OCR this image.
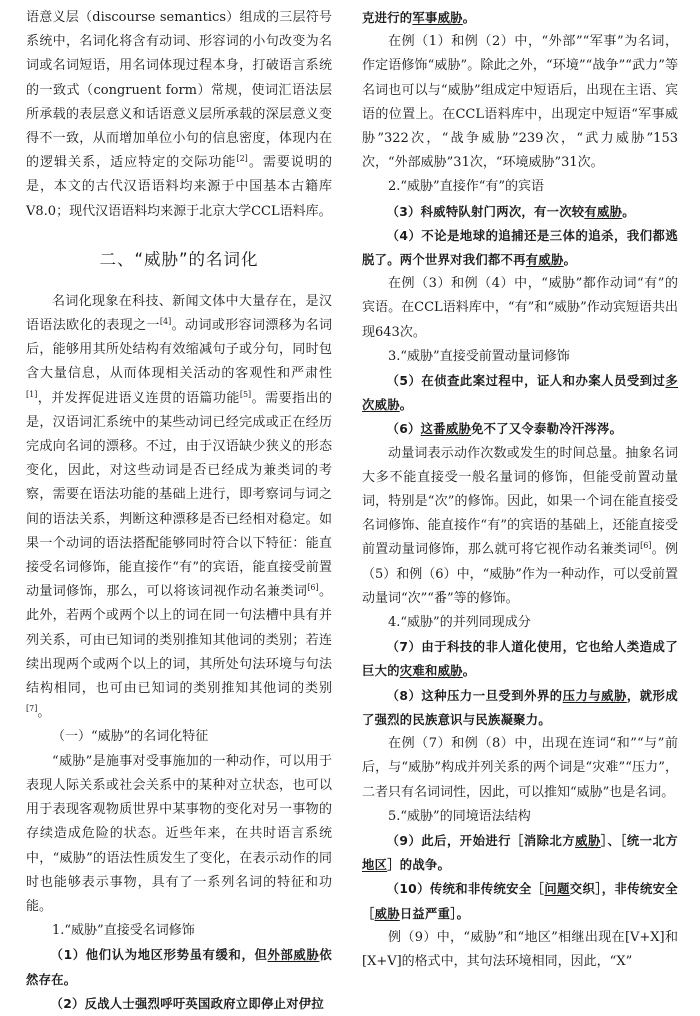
语意义层（discourse semantics）组成的三层符号系统中，名词化将含有动词、形容词的小句改变为名词或名词短语，用名词体现过程本身，打破语言系统的一致式（congruent form）常规，使词汇语法层所承载的表层意义和话语意义层所承载的深层意义变得不一致，从而增加单位小句的信息密度，体现内在的逻辑关系，适应特定的交际功能[2]。需要说明的是，本文的古代汉语语料均来源于中国基本古籍库V8.0；现代汉语语料均来源于北京大学CCL语料库。

二、“威胁”的名词化

名词化现象在科技、新闻文体中大量存在，是汉语语法欧化的表现之一[4]。动词或形容词漂移为名词后，能够用其所处结构有效缩减句子或分句，同时包含大量信息，从而体现相关活动的客观性和严肃性[1]，并发挥促进语义连贯的语篇功能[5]。需要指出的是，汉语词汇系统中的某些动词已经完成或正在经历完成向名词的漂移。不过，由于汉语缺少狭义的形态变化，因此，对这些动词是否已经成为兼类词的考察，需要在语法功能的基础上进行，即考察词与词之间的语法关系，判断这种漂移是否已经相对稳定。如果一个动词的语法搭配能够同时符合以下特征：能直接受名词修饰，能直接作“有”的宾语，能直接受前置动量词修饰，那么，可以将该词视作动名兼类词[6]。此外，若两个或两个以上的词在同一句法槽中具有并列关系，可由已知词的类别推知其他词的类别；若连续出现两个或两个以上的词，其所处句法环境与句法结构相同，也可由已知词的类别推知其他词的类别[7]。

（一）“威胁”的名词化特征

“威胁”是施事对受事施加的一种动作，可以用于表现人际关系或社会关系中的某种对立状态，也可以用于表现客观物质世界中某事物的变化对另一事物的存续造成危险的状态。近些年来，在共时语言系统中，“威胁”的语法性质发生了变化，在表示动作的同时也能够表示事物，具有了一系列名词的特征和功能。

1.“威胁”直接受名词修饰

（1）他们认为地区形势虽有缓和，但外部威胁依然存在。

（2）反战人士强烈呼吁英国政府立即停止对伊拉

克进行的军事威胁。

在例（1）和例（2）中，“外部”“军事”为名词，作定语修饰“威胁”。除此之外，“环境”“战争”“武力”等名词也可以与“威胁”组成定中短语后，出现在主语、宾语的位置上。在CCL语料库中，出现定中短语“军事威胁”322次，“战争威胁”239次，“武力威胁”153次，“外部威胁”31次，“环境威胁”31次。

2.“威胁”直接作“有”的宾语

（3）科威特队射门两次，有一次较有威胁。

（4）不论是地球的追捕还是三体的追杀，我们都逃脱了。两个世界对我们都不再有威胁。

在例（3）和例（4）中，“威胁”都作动词“有”的宾语。在CCL语料库中，“有”和“威胁”作动宾短语共出现643次。

3.“威胁”直接受前置动量词修饰

（5）在侦查此案过程中，证人和办案人员受到过多次威胁。

（6）这番威胁免不了又令泰勒冷汗涔涔。

动量词表示动作次数或发生的时间总量。抽象名词大多不能直接受一般名量词的修饰，但能受前置动量词，特别是“次”的修饰。因此，如果一个词在能直接受名词修饰、能直接作“有”的宾语的基础上，还能直接受前置动量词修饰，那么就可将它视作动名兼类词[6]。例（5）和例（6）中，“威胁”作为一种动作，可以受前置动量词“次”“番”等的修饰。

4.“威胁”的并列同现成分

（7）由于科技的非人道化使用，它也给人类造成了巨大的灾难和威胁。

（8）这种压力一旦受到外界的压力与威胁，就形成了强烈的民族意识与民族凝聚力。

在例（7）和例（8）中，出现在连词“和”“与”前后，与“威胁”构成并列关系的两个词是“灾难”“压力”，二者只有名词词性，因此，可以推知“威胁”也是名词。

5.“威胁”的同境语法结构

（9）此后，开始进行［消除北方威胁］、［统一北方地区］的战争。

（10）传统和非传统安全［问题交织］，非传统安全［威胁日益严重］。

例（9）中，“威胁”和“地区”相继出现在[V+X]和[X+V]的格式中，其句法环境相同，因此，“X”
